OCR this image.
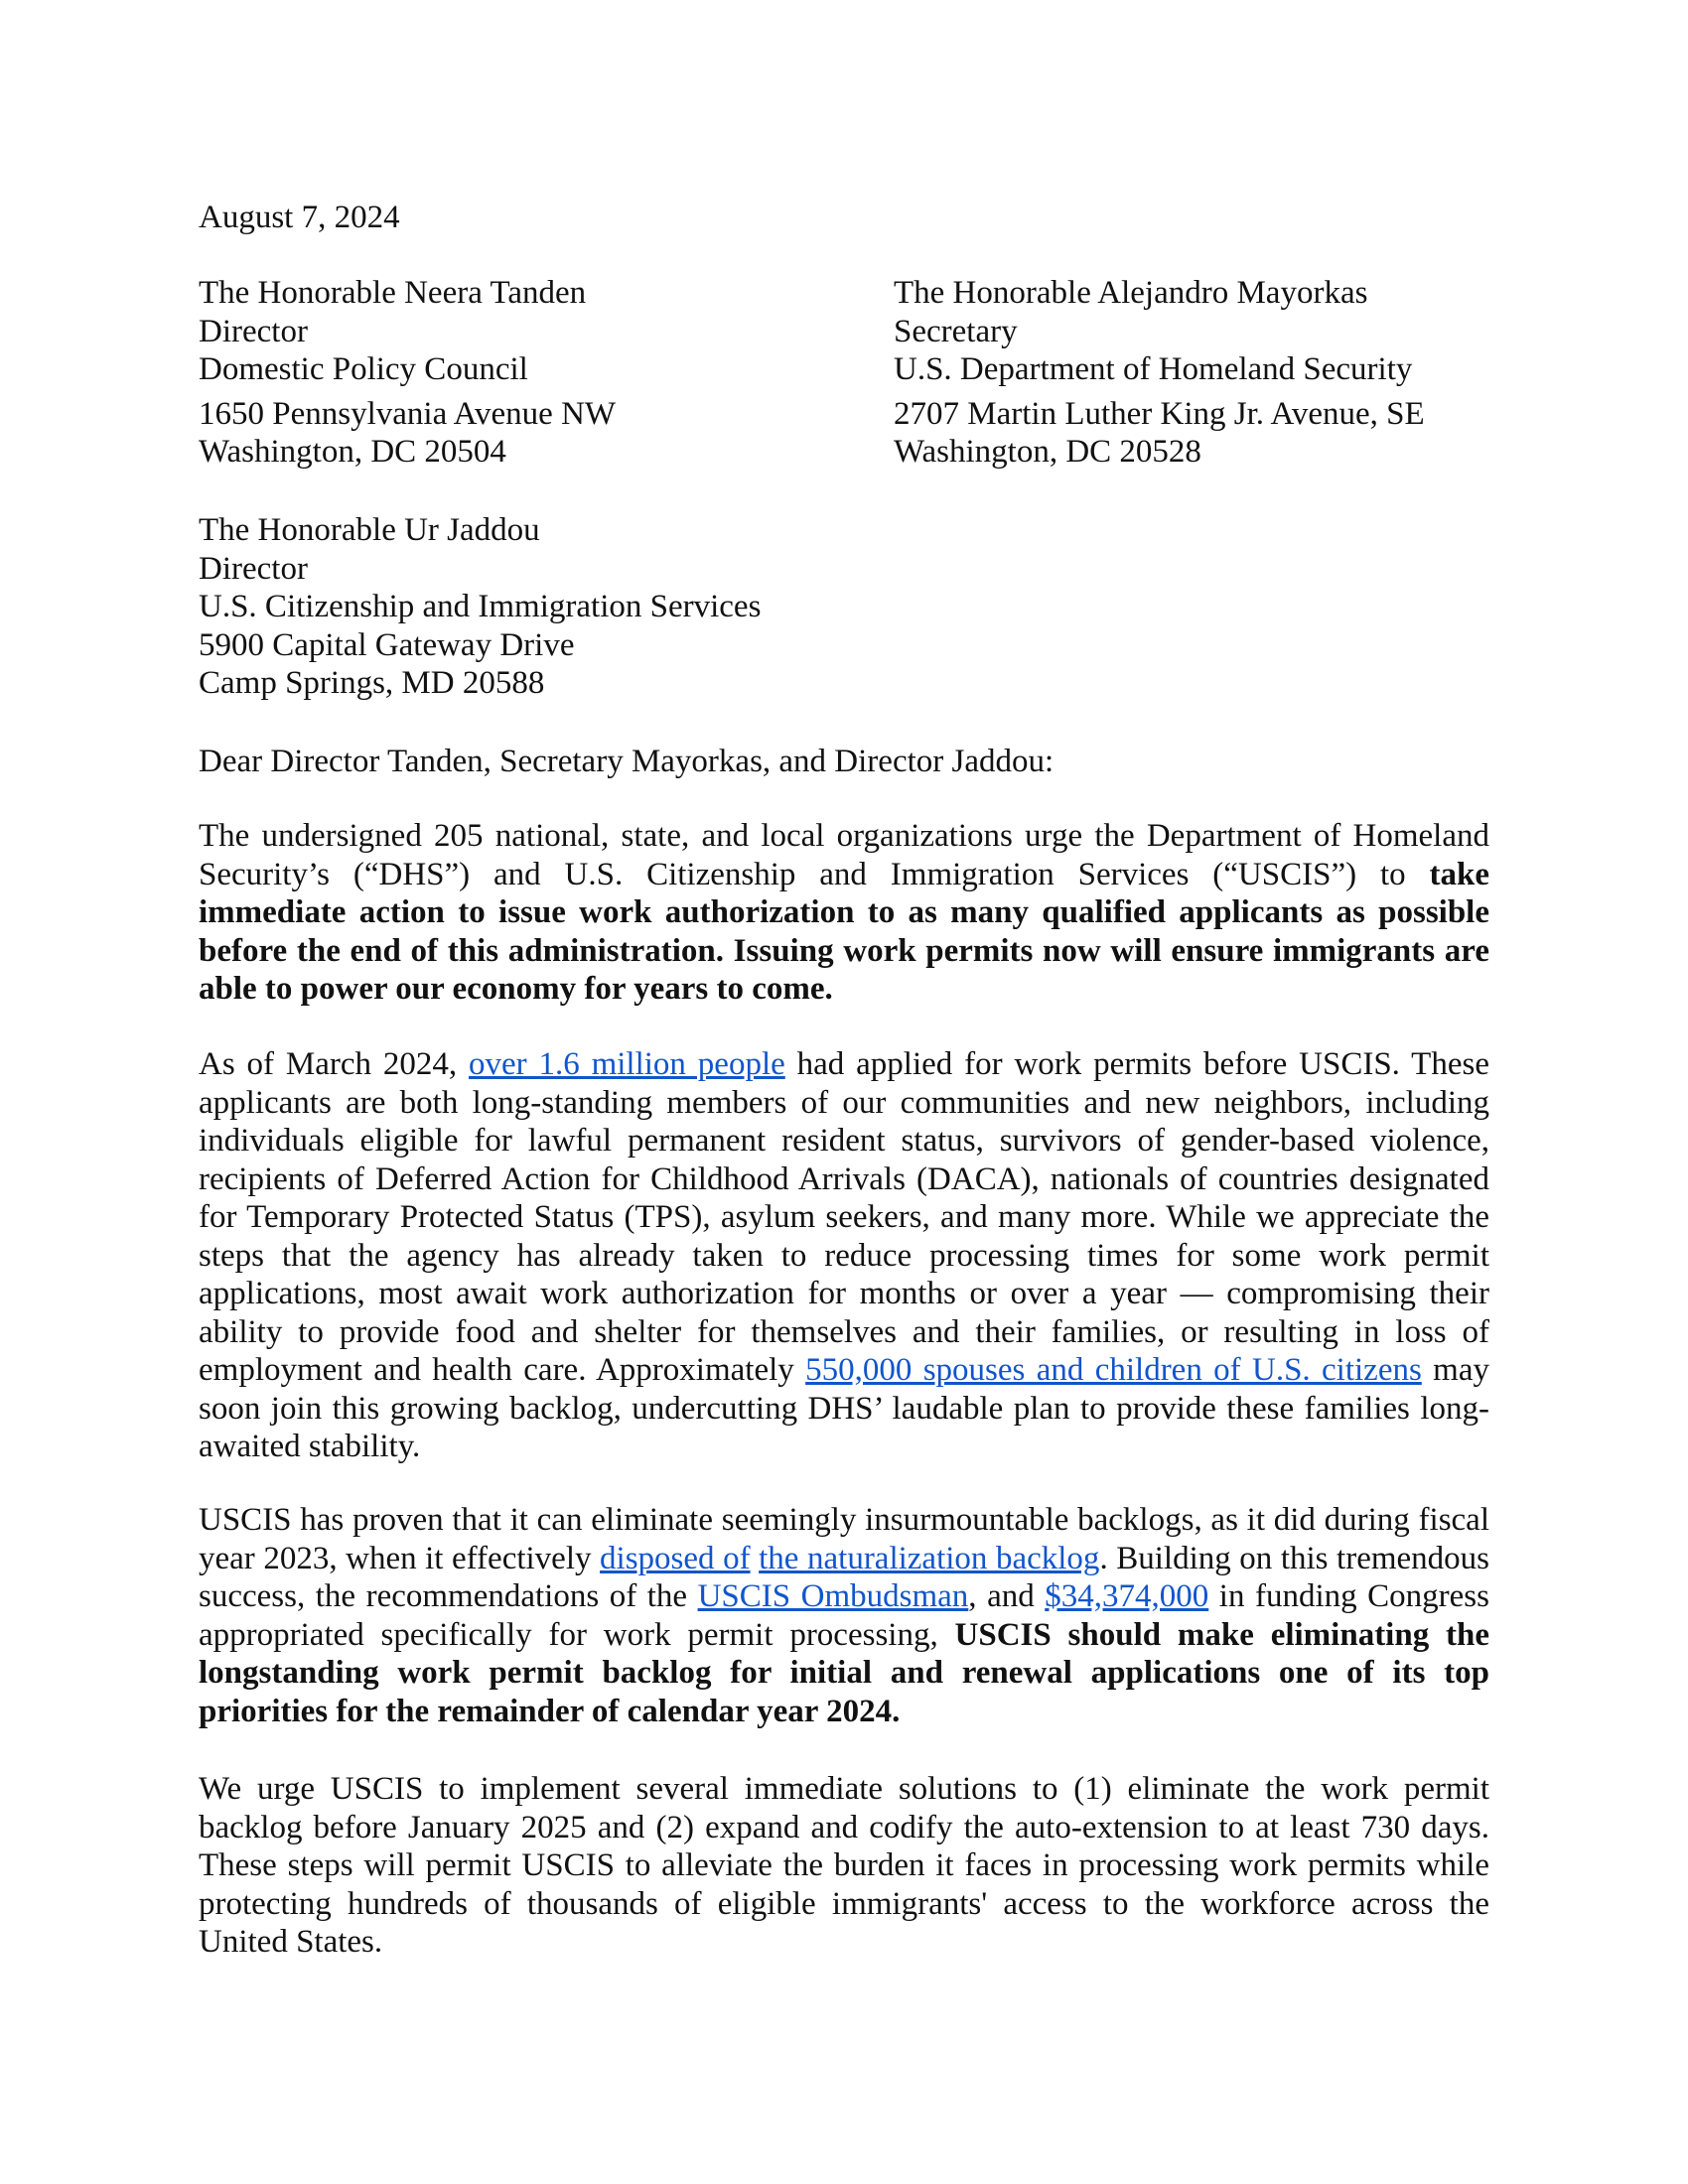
August 7, 2024
The Honorable Neera Tanden
Director
Domestic Policy Council
1650 Pennsylvania Avenue NW
Washington, DC 20504
The Honorable Alejandro Mayorkas
Secretary
U.S. Department of Homeland Security
2707 Martin Luther King Jr. Avenue, SE
Washington, DC 20528
The Honorable Ur Jaddou
Director
U.S. Citizenship and Immigration Services
5900 Capital Gateway Drive
Camp Springs, MD 20588
Dear Director Tanden, Secretary Mayorkas, and Director Jaddou:

The undersigned 205 national, state, and local organizations urge the Department of Homeland Security’s (“DHS”) and U.S. Citizenship and Immigration Services (“USCIS”) to take immediate action to issue work authorization to as many qualified applicants as possible before the end of this administration. Issuing work permits now will ensure immigrants are able to power our economy for years to come.

As of March 2024, over 1.6 million people had applied for work permits before USCIS. These applicants are both long-standing members of our communities and new neighbors, including individuals eligible for lawful permanent resident status, survivors of gender-based violence, recipients of Deferred Action for Childhood Arrivals (DACA), nationals of countries designated for Temporary Protected Status (TPS), asylum seekers, and many more. While we appreciate the steps that the agency has already taken to reduce processing times for some work permit applications, most await work authorization for months or over a year — compromising their ability to provide food and shelter for themselves and their families, or resulting in loss of employment and health care. Approximately 550,000 spouses and children of U.S. citizens may soon join this growing backlog, undercutting DHS’ laudable plan to provide these families long-awaited stability.

USCIS has proven that it can eliminate seemingly insurmountable backlogs, as it did during fiscal year 2023, when it effectively disposed of the naturalization backlog. Building on this tremendous success, the recommendations of the USCIS Ombudsman, and $34,374,000 in funding Congress appropriated specifically for work permit processing, USCIS should make eliminating the longstanding work permit backlog for initial and renewal applications one of its top priorities for the remainder of calendar year 2024.

We urge USCIS to implement several immediate solutions to (1) eliminate the work permit backlog before January 2025 and (2) expand and codify the auto-extension to at least 730 days. These steps will permit USCIS to alleviate the burden it faces in processing work permits while protecting hundreds of thousands of eligible immigrants' access to the workforce across the United States.
